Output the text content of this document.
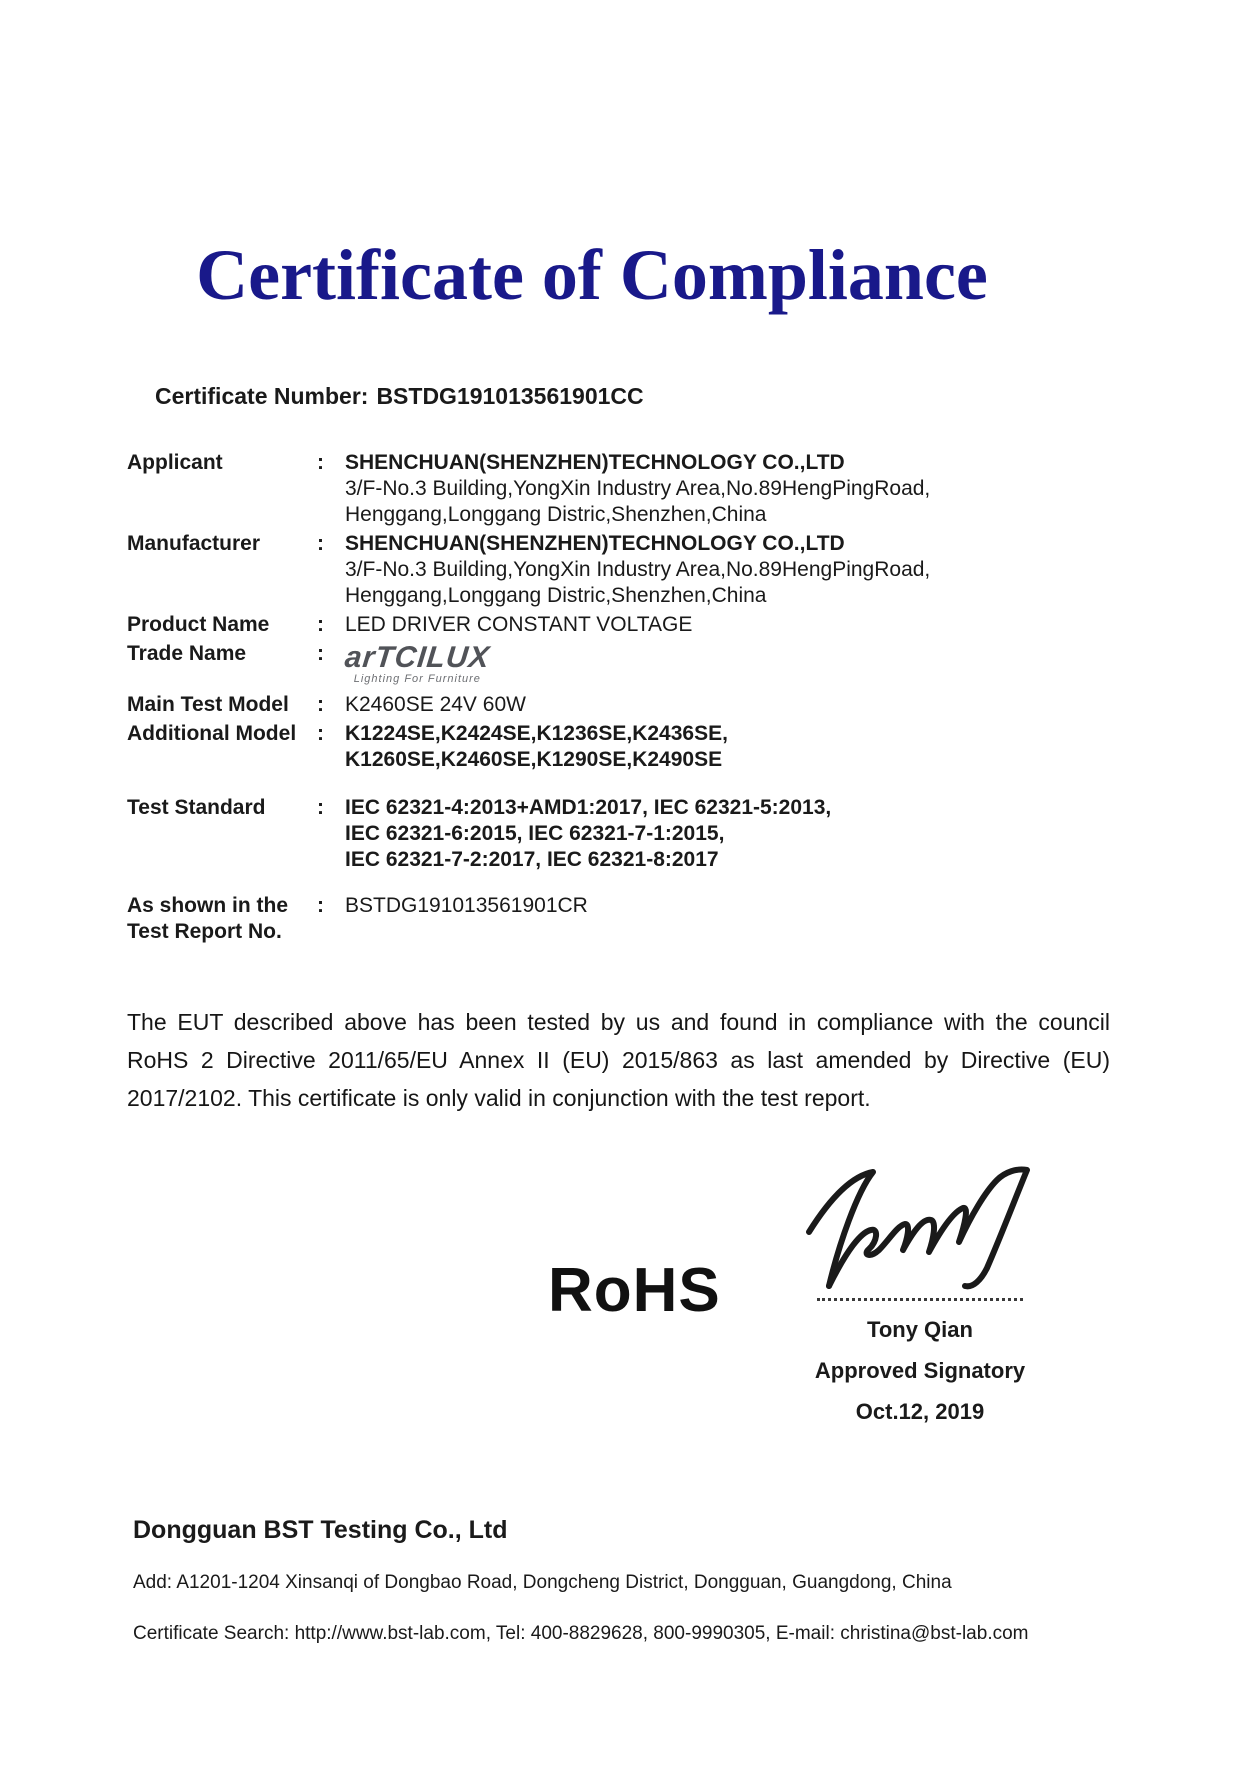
Certificate of Compliance
Certificate Number: BSTDG191013561901CC
Applicant	:	SHENCHUAN(SHENZHEN)TECHNOLOGY CO.,LTD
3/F-No.3 Building,YongXin Industry Area,No.89HengPingRoad,
Henggang,Longgang Distric,Shenzhen,China
Manufacturer	:	SHENCHUAN(SHENZHEN)TECHNOLOGY CO.,LTD
3/F-No.3 Building,YongXin Industry Area,No.89HengPingRoad,
Henggang,Longgang Distric,Shenzhen,China
Product Name	:	LED DRIVER CONSTANT VOLTAGE
Trade Name	: arTCILUX
Lighting For Furniture
Main Test Model	:	K2460SE 24V 60W
Additional Model :	K1224SE,K2424SE,K1236SE,K2436SE,
K1260SE,K2460SE,K1290SE,K2490SE
Test Standard	:	IEC 62321-4:2013+AMD1:2017, IEC 62321-5:2013,
IEC 62321-6:2015, IEC 62321-7-1:2015,
IEC 62321-7-2:2017, IEC 62321-8:2017
As shown in the
Test Report No.
:	BSTDG191013561901CR
The EUT described above has been tested by us and found in compliance with the council RoHS 2 Directive 2011/65/EU Annex II (EU) 2015/863 as last amended by Directive (EU) 2017/2102. This certificate is only valid in conjunction with the test report.
RoHS
Tony Qian
Approved Signatory
Oct.12, 2019
Dongguan BST Testing Co., Ltd
Add: A1201-1204 Xinsanqi of Dongbao Road, Dongcheng District, Dongguan, Guangdong, China
Certificate Search: http://www.bst-lab.com, Tel: 400-8829628, 800-9990305, E-mail: christina@bst-lab.com
